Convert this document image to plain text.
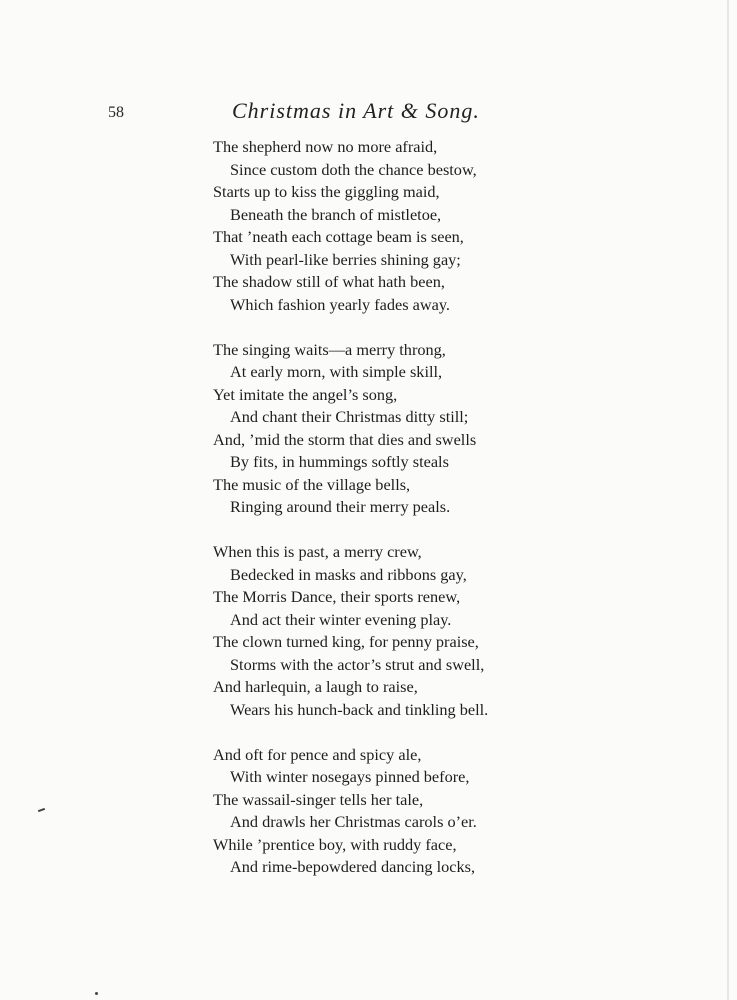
58	Christmas in Art & Song.
The shepherd now no more afraid,
Since custom doth the chance bestow,
Starts up to kiss the giggling maid,
Beneath the branch of mistletoe,
That ’neath each cottage beam is seen,
With pearl-like berries shining gay;
The shadow still of what hath been,
Which fashion yearly fades away.
The singing waits—a merry throng,
At early morn, with simple skill,
Yet imitate the angel’s song,
And chant their Christmas ditty still;
And, ’mid the storm that dies and swells
By fits, in hummings softly steals
The music of the village bells,
Ringing around their merry peals.
When this is past, a merry crew,
Bedecked in masks and ribbons gay,
The Morris Dance, their sports renew,
And act their winter evening play.
The clown turned king, for penny praise,
Storms with the actor’s strut and swell,
And harlequin, a laugh to raise,
Wears his hunch-back and tinkling bell.
And oft for pence and spicy ale,
With winter nosegays pinned before,
The wassail-singer tells her tale,
And drawls her Christmas carols o’er.
While ’prentice boy, with ruddy face,
And rime-bepowdered dancing locks,
